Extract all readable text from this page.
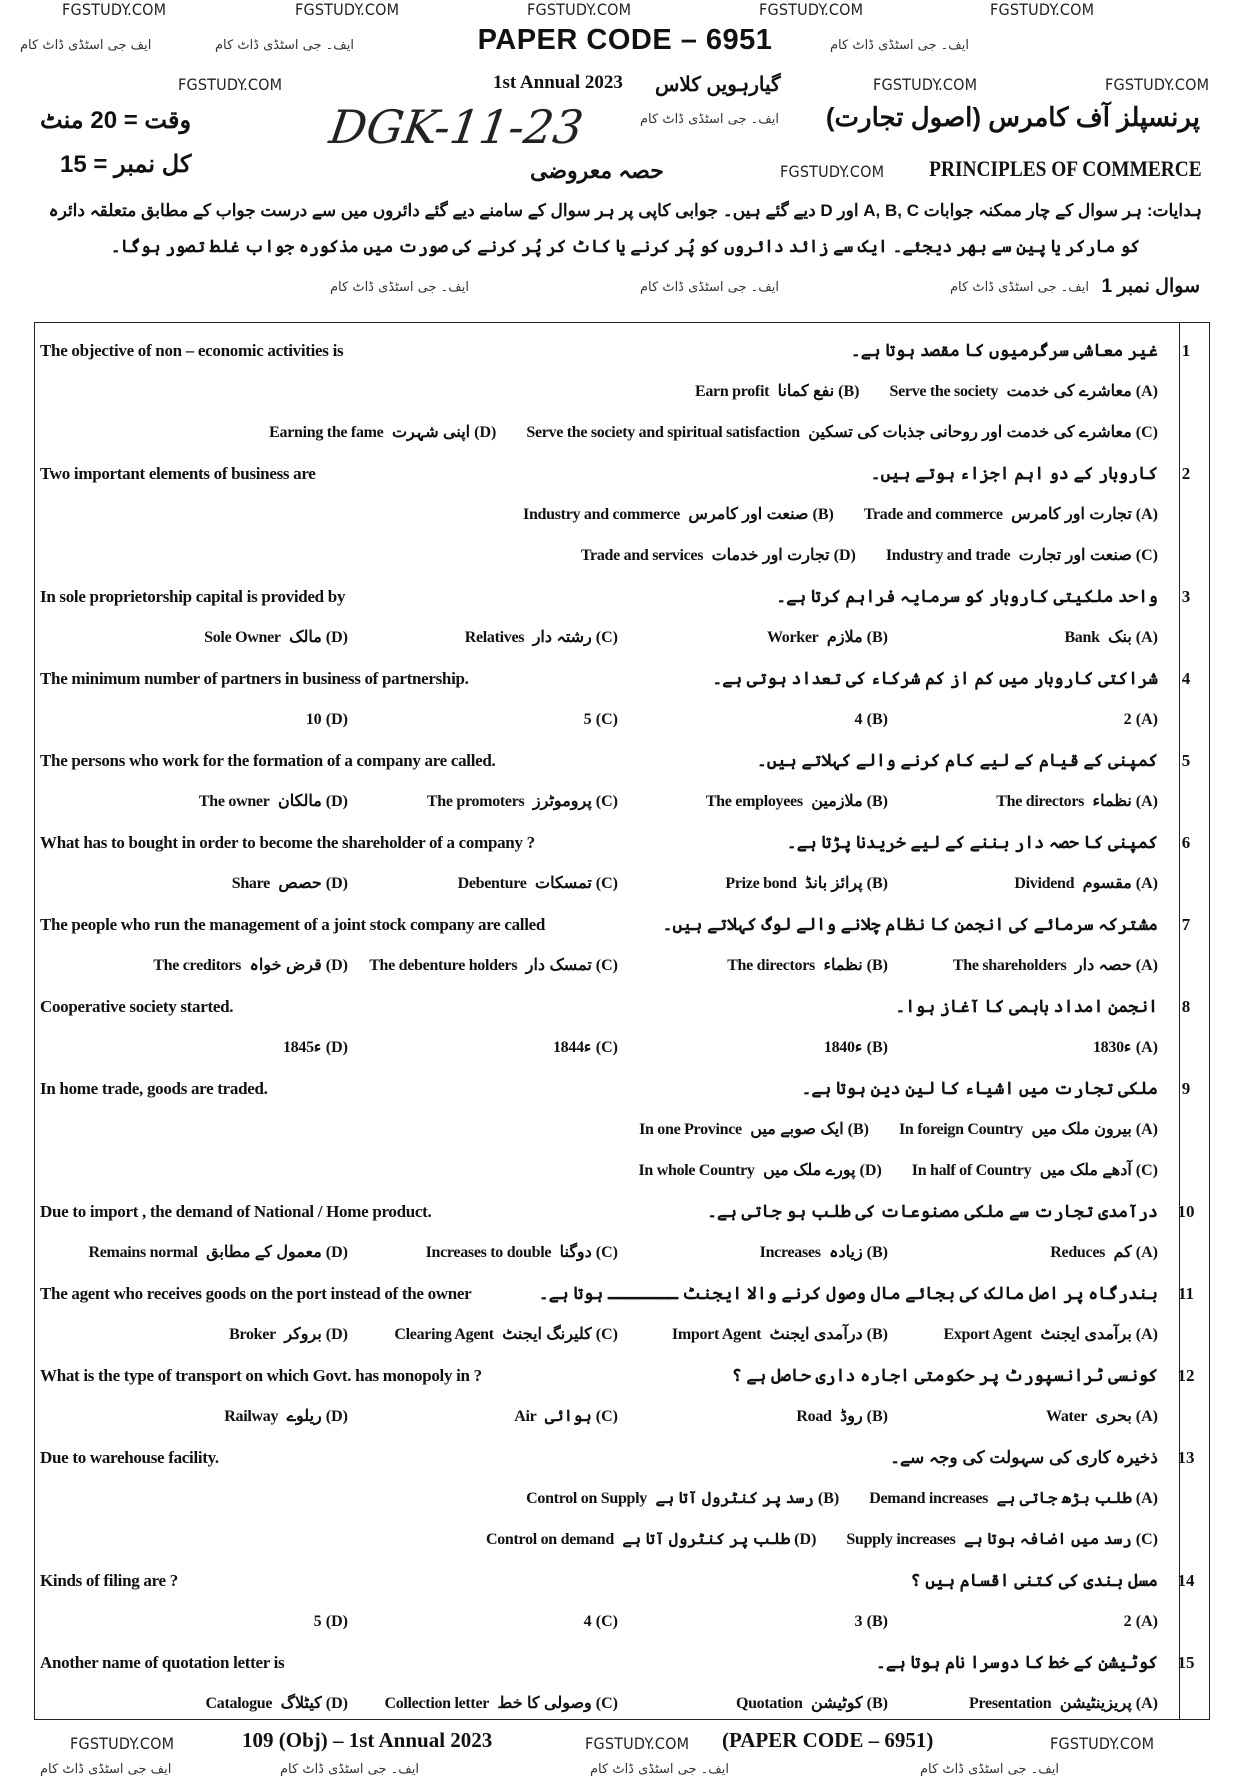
FGSTUDY.COM	FGSTUDY.COM	FGSTUDY.COM	FGSTUDY.COM	FGSTUDY.COM
ایف جی اسٹڈی ڈاٹ کام	ایف۔ جی اسٹڈی ڈاٹ کام	ایف۔ جی اسٹڈی ڈاٹ کام
PAPER CODE – 6951
FGSTUDY.COM	1st Annual 2023 گیارہویں کلاس	FGSTUDY.COM	FGSTUDY.COM
پرنسپلز آف کامرس (اصول تجارت)
وقت = 20 منٹ
کل نمبر = 15
DGK-11-23	ایف۔ جی اسٹڈی ڈاٹ کام
حصہ معروضی	FGSTUDY.COM PRINCIPLES OF COMMERCE
ہدایات: ہر سوال کے چار ممکنہ جوابات A, B, C اور D دیے گئے ہیں۔ جوابی کاپی پر ہر سوال کے سامنے دیے گئے دائروں میں سے درست جواب کے مطابق متعلقہ دائرہ
کو مارکر یا پین سے بھر دیجئے۔ ایک سے زائد دائروں کو پُر کرنے یا کاٹ کر پُر کرنے کی صورت میں مذکورہ جواب غلط تصور ہوگا۔
سوال نمبر 1
ایف۔ جی اسٹڈی ڈاٹ کام	ایف۔ جی اسٹڈی ڈاٹ کام	ایف۔ جی اسٹڈی ڈاٹ کام
The objective of non – economic activities is	غیر معاشی سرگرمیوں کا مقصد ہوتا ہے۔	1
(A)معاشرے کی خدمت Serve the society
(B)نفع کمانا Earn profit
(C)معاشرے کی خدمت اور روحانی جذبات کی تسکین Serve the society and spiritual satisfaction
(D)اپنی شہرت Earning the fame
Two important elements of business are	کاروبار کے دو اہم اجزاء ہوتے ہیں۔	2
(A)تجارت اور کامرس Trade and commerce
(B)صنعت اور کامرس Industry and commerce
(C)صنعت اور تجارت Industry and trade
(D)تجارت اور خدمات Trade and services
In sole proprietorship capital is provided by	واحد ملکیتی کاروبار کو سرمایہ فراہم کرتا ہے۔	3
(A)بنک Bank
(B)ملازم Worker
(C)رشتہ دار Relatives
(D)مالک Sole Owner
The minimum number of partners in business of partnership.	شراکتی کاروبار میں کم از کم شرکاء کی تعداد ہوتی ہے۔	4
(A) 2
(B) 4
(C) 5
(D) 10
The persons who work for the formation of a company are called.	کمپنی کے قیام کے لیے کام کرنے والے کہلاتے ہیں۔	5
(A)نظماء The directors
(B)ملازمین The employees
(C)پروموٹرز The promoters
(D)مالکان The owner
What has to bought in order to become the shareholder of a company ?	کمپنی کا حصہ دار بننے کے لیے خریدنا پڑتا ہے۔	6
(A)مقسوم Dividend
(B)پرائز بانڈ Prize bond
(C)تمسکات Debenture
(D)حصص Share
The people who run the management of a joint stock company are called	مشترکہ سرمائے کی انجمن کا نظام چلانے والے لوگ کہلاتے ہیں۔	7
(A)حصہ دار The shareholders
(B)نظماء The directors
(C)تمسک دار The debenture holders
(D)قرض خواہ The creditors
Cooperative society started.	انجمن امداد باہمی کا آغاز ہوا۔	8
(A) 1830ء
(B) 1840ء
(C) 1844ء
(D) 1845ء
In home trade, goods are traded.	ملکی تجارت میں اشیاء کا لین دین ہوتا ہے۔	9
(A)بیرون ملک میں In foreign Country
(B)ایک صوبے میں In one Province
(C)آدھے ملک میں In half of Country
(D)پورے ملک میں In whole Country
Due to import , the demand of National / Home product.	درآمدی تجارت سے ملکی مصنوعات کی طلب ہو جاتی ہے۔	10
(A)کم Reduces
(B)زیادہ Increases
(C)دوگنا Increases to double
(D)معمول کے مطابق Remains normal
The agent who receives goods on the port instead of the owner	بندرگاہ پر اصل مالک کی بجائے مال وصول کرنے والا ایجنٹ ـــــــ ہوتا ہے۔	11
(A)برآمدی ایجنٹ Export Agent
(B)درآمدی ایجنٹ Import Agent
(C)کلیرنگ ایجنٹ Clearing Agent
(D)بروکر Broker
What is the type of transport on which Govt. has monopoly in ?	کونسی ٹرانسپورٹ پر حکومتی اجارہ داری حاصل ہے ؟	12
(A)بحری Water
(B)روڈ Road
(C)ہوائی Air
(D)ریلوے Railway
Due to warehouse facility.	ذخیرہ کاری کی سہولت کی وجہ سے۔	13
(A)طلب بڑھ جاتی ہے Demand increases
(B)رسد پر کنٹرول آتا ہے Control on Supply
(C)رسد میں اضافہ ہوتا ہے Supply increases
(D)طلب پر کنٹرول آتا ہے Control on demand
Kinds of filing are ?	مسل بندی کی کتنی اقسام ہیں ؟	14
(A) 2
(B) 3
(C) 4
(D) 5
Another name of quotation letter is	کوٹیشن کے خط کا دوسرا نام ہوتا ہے۔	15
(A)پریزینٹیشن Presentation
(B)کوٹیشن Quotation
(C)وصولی کا خط Collection letter
(D)کیٹلاگ Catalogue
FGSTUDY.COM	109 (Obj) – 1st Annual 2023	FGSTUDY.COM (PAPER CODE – 6951)	FGSTUDY.COM
ایف جی اسٹڈی ڈاٹ کام	ایف۔ جی اسٹڈی ڈاٹ کام	ایف۔ جی اسٹڈی ڈاٹ کام	ایف۔ جی اسٹڈی ڈاٹ کام
